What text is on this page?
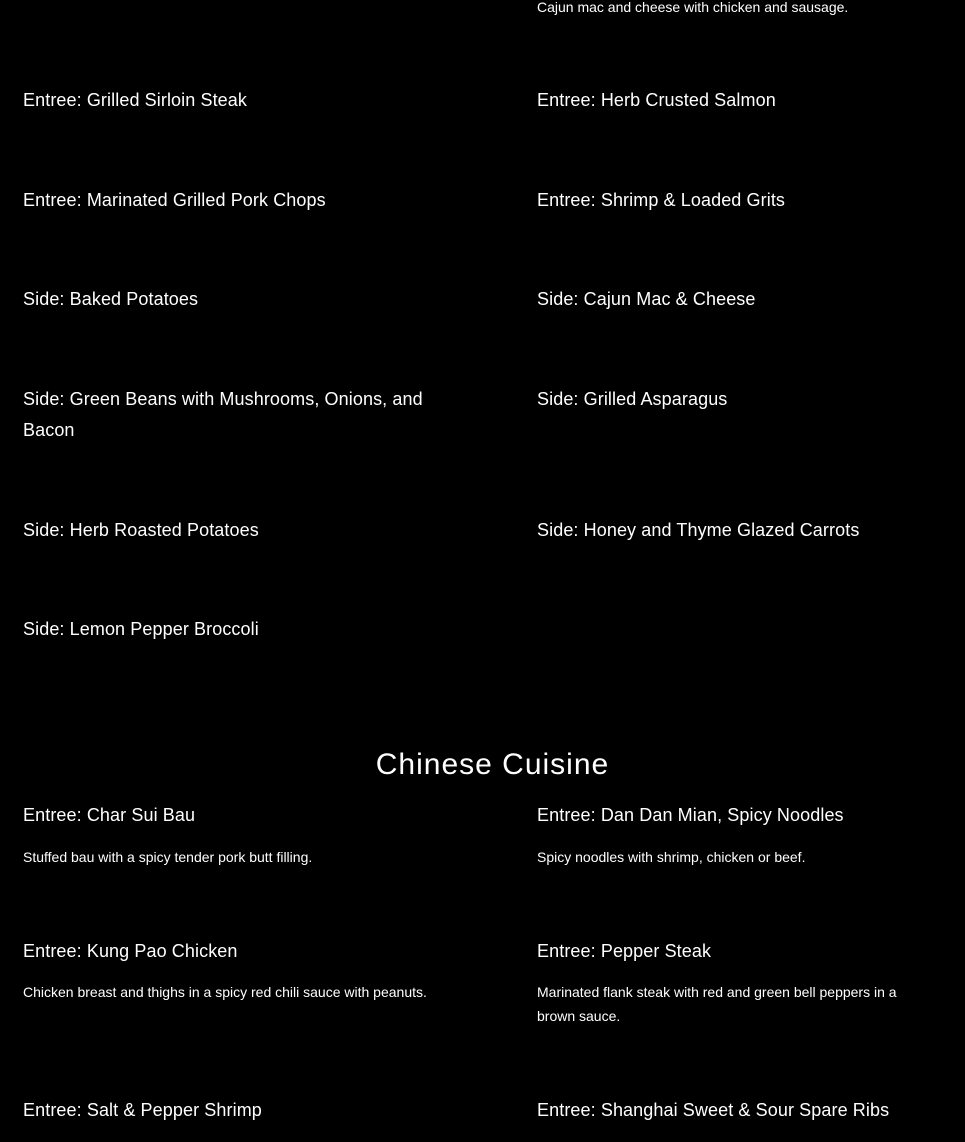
Cajun mac and cheese with chicken and sausage.

Entree: Grilled Sirloin Steak	Entree: Herb Crusted Salmon

Entree: Marinated Grilled Pork Chops	Entree: Shrimp & Loaded Grits

Side: Baked Potatoes	Side: Cajun Mac & Cheese

Side: Green Beans with Mushrooms, Onions, and Bacon

Side: Grilled Asparagus

Side: Herb Roasted Potatoes	Side: Honey and Thyme Glazed Carrots

Side: Lemon Pepper Broccoli

Chinese Cuisine

Entree: Char Sui Bau

Stuffed bau with a spicy tender pork butt filling.

Entree: Dan Dan Mian, Spicy Noodles

Spicy noodles with shrimp, chicken or beef.

Entree: Kung Pao Chicken

Chicken breast and thighs in a spicy red chili sauce with peanuts.

Entree: Pepper Steak

Marinated flank steak with red and green bell peppers in a brown sauce.

Entree: Salt & Pepper Shrimp	Entree: Shanghai Sweet & Sour Spare Ribs
